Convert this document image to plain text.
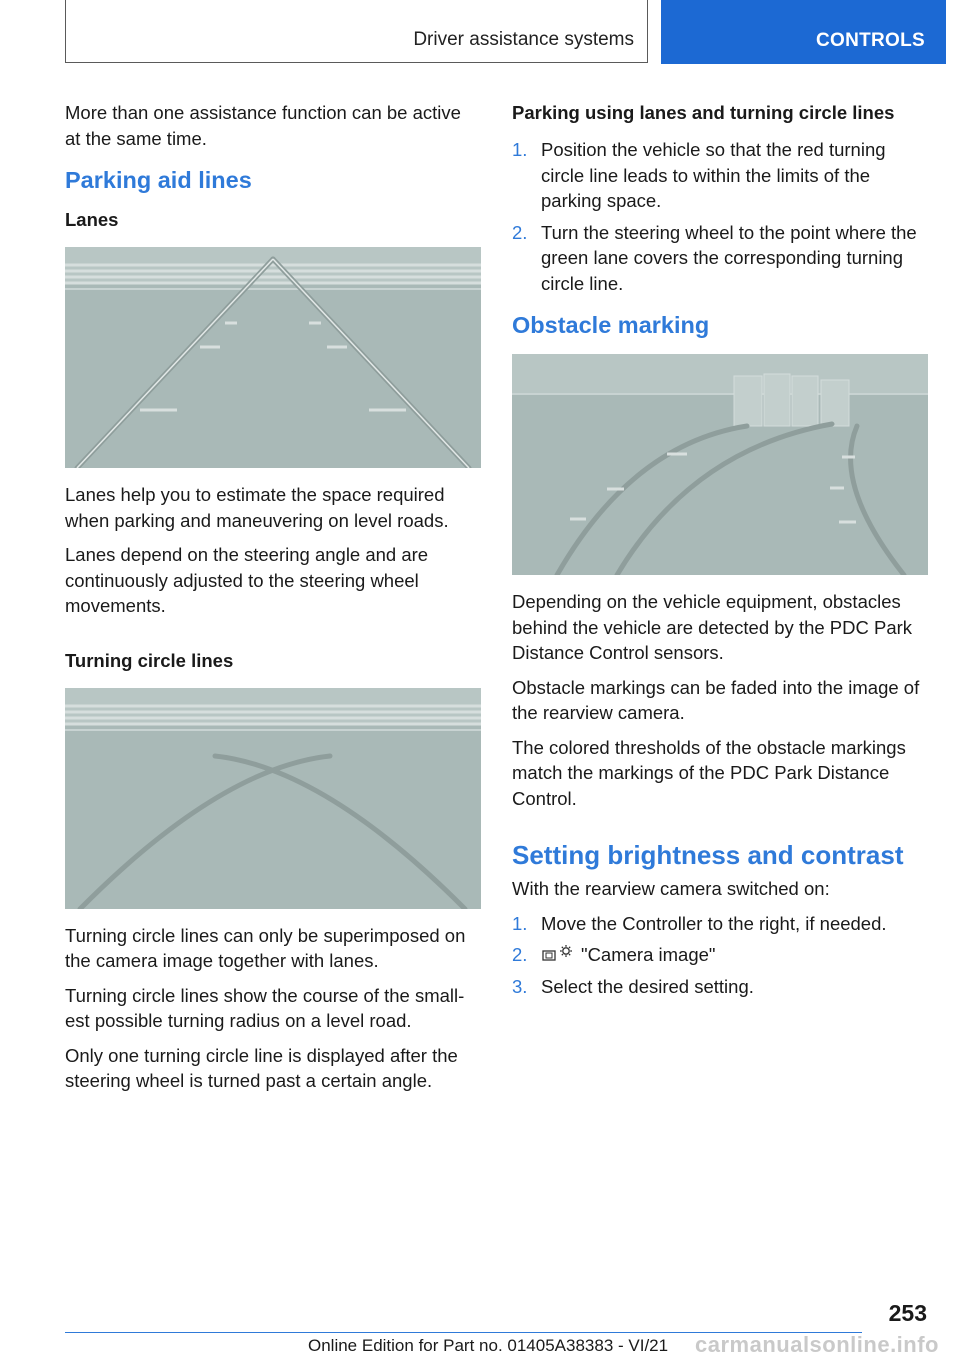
Driver assistance systems	CONTROLS

More than one assistance function can be active at the same time.

Parking aid lines
Lanes

Lanes help you to estimate the space required when parking and maneuvering on level roads.

Lanes depend on the steering angle and are continuously adjusted to the steering wheel movements.

Turning circle lines

Turning circle lines can only be superimposed on the camera image together with lanes.

Turning circle lines show the course of the small-est possible turning radius on a level road.

Only one turning circle line is displayed after the steering wheel is turned past a certain angle.

Parking using lanes and turning circle lines
1. Position the vehicle so that the red turning circle line leads to within the limits of the parking space.
2. Turn the steering wheel to the point where the green lane covers the corresponding turning circle line.
Obstacle marking

Depending on the vehicle equipment, obstacles behind the vehicle are detected by the PDC Park Distance Control sensors.

Obstacle markings can be faded into the image of the rearview camera.

The colored thresholds of the obstacle markings match the markings of the PDC Park Distance Control.

Setting brightness and contrast

With the rearview camera switched on:

1. Move the Controller to the right, if needed.
2.	"Camera image"
3. Select the desired setting.
253
Online Edition for Part no. 01405A38383 - VI/21 carmanualsonline.info
